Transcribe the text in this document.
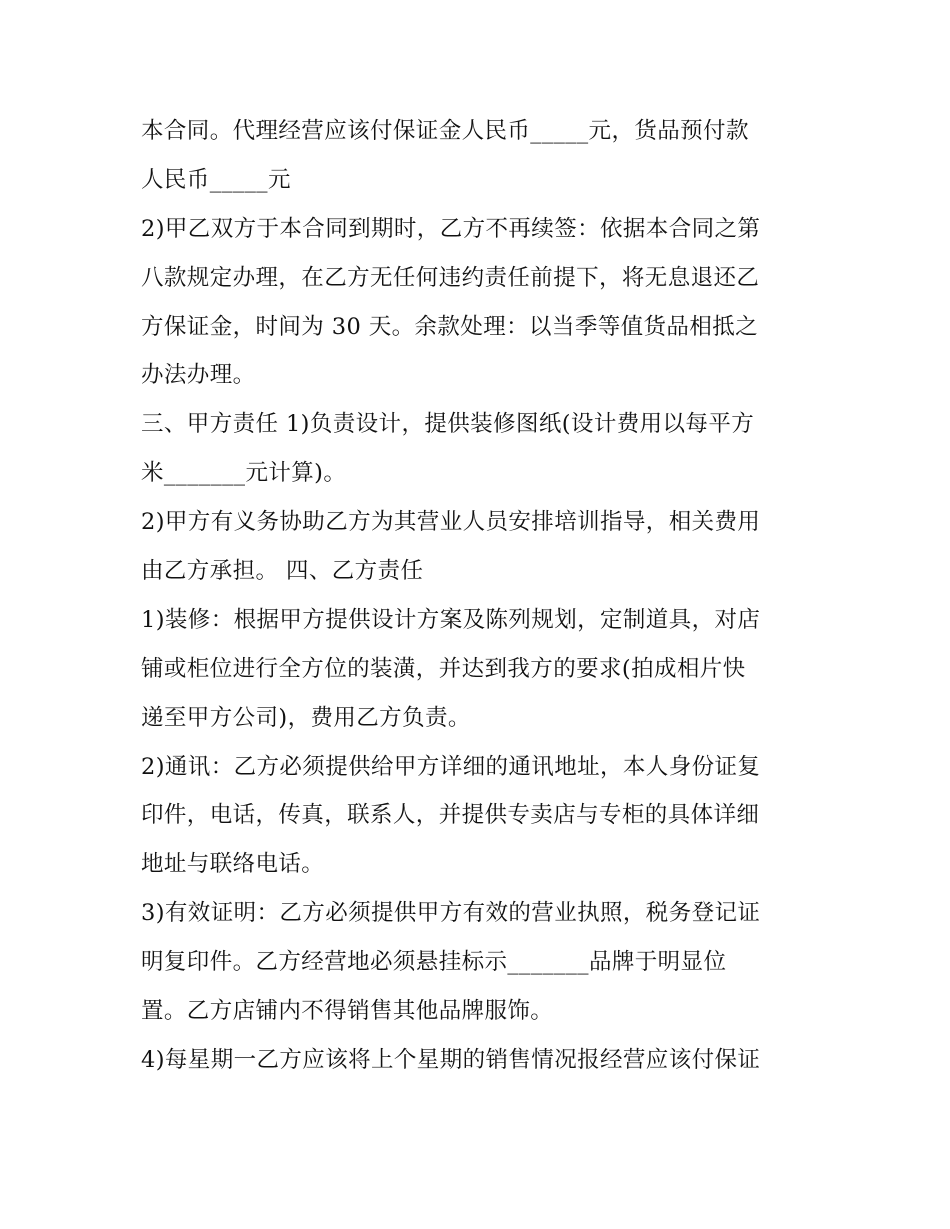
本合同。代理经营应该付保证金人民币_____元，货品预付款
人民币_____元
2)甲乙双方于本合同到期时，乙方不再续签：依据本合同之第
八款规定办理，在乙方无任何违约责任前提下，将无息退还乙
方保证金，时间为 30 天。余款处理：以当季等值货品相抵之
办法办理。
三、甲方责任 1)负责设计，提供装修图纸(设计费用以每平方
米_______元计算)。
2)甲方有义务协助乙方为其营业人员安排培训指导，相关费用
由乙方承担。 四、乙方责任
1)装修：根据甲方提供设计方案及陈列规划，定制道具，对店
铺或柜位进行全方位的装潢，并达到我方的要求(拍成相片快
递至甲方公司)，费用乙方负责。
2)通讯：乙方必须提供给甲方详细的通讯地址，本人身份证复
印件，电话，传真，联系人，并提供专卖店与专柜的具体详细
地址与联络电话。
3)有效证明：乙方必须提供甲方有效的营业执照，税务登记证
明复印件。乙方经营地必须悬挂标示_______品牌于明显位
置。乙方店铺内不得销售其他品牌服饰。
4)每星期一乙方应该将上个星期的销售情况报经营应该付保证
